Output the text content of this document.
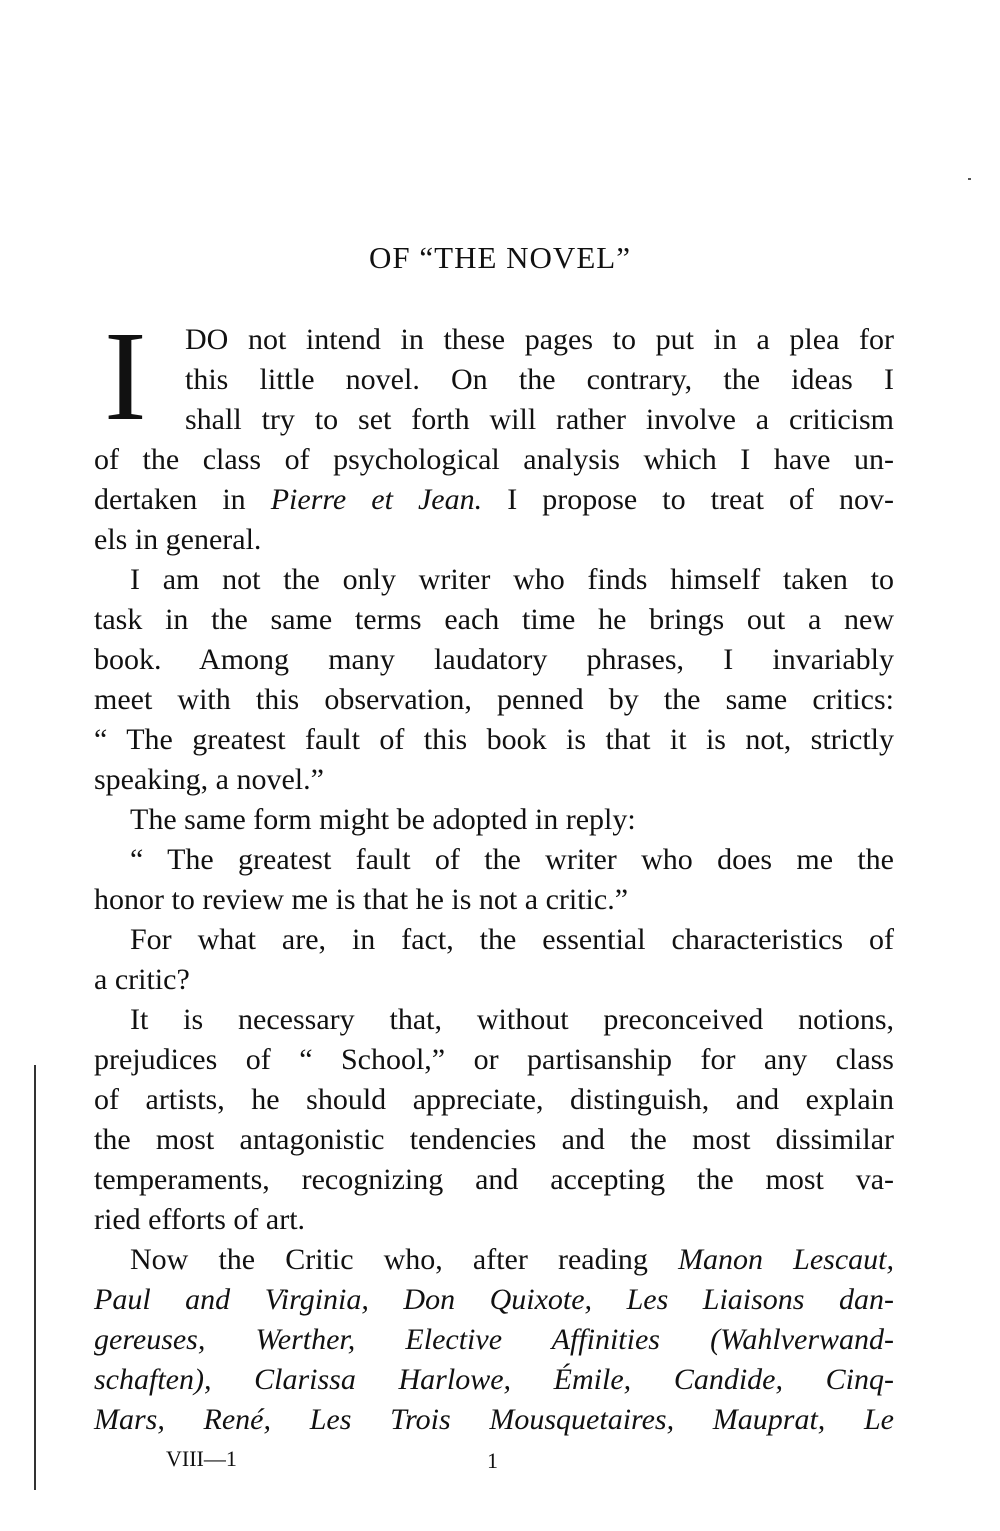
OF “THE NOVEL”
I DO not intend in these pages to put in a plea for
this little novel. On the contrary, the ideas I
shall try to set forth will rather involve a criticism
of the class of psychological analysis which I have un-
dertaken in Pierre et Jean. I propose to treat of nov-
els in general.
I am not the only writer who finds himself taken to
task in the same terms each time he brings out a new
book. Among many laudatory phrases, I invariably
meet with this observation, penned by the same critics:
“ The greatest fault of this book is that it is not, strictly
speaking, a novel.”
The same form might be adopted in reply:
“ The greatest fault of the writer who does me the
honor to review me is that he is not a critic.”
For what are, in fact, the essential characteristics of
a critic?
It is necessary that, without preconceived notions,
prejudices of “ School,” or partisanship for any class
of artists, he should appreciate, distinguish, and explain
the most antagonistic tendencies and the most dissimilar
temperaments, recognizing and accepting the most va-
ried efforts of art.
Now the Critic who, after reading Manon Lescaut,
Paul and Virginia, Don Quixote, Les Liaisons dan-
gereuses, Werther, Elective Affinities (Wahlverwand-
schaften), Clarissa Harlowe, Émile, Candide, Cinq-
Mars, René, Les Trois Mousquetaires, Mauprat, Le
VIII—1	1
